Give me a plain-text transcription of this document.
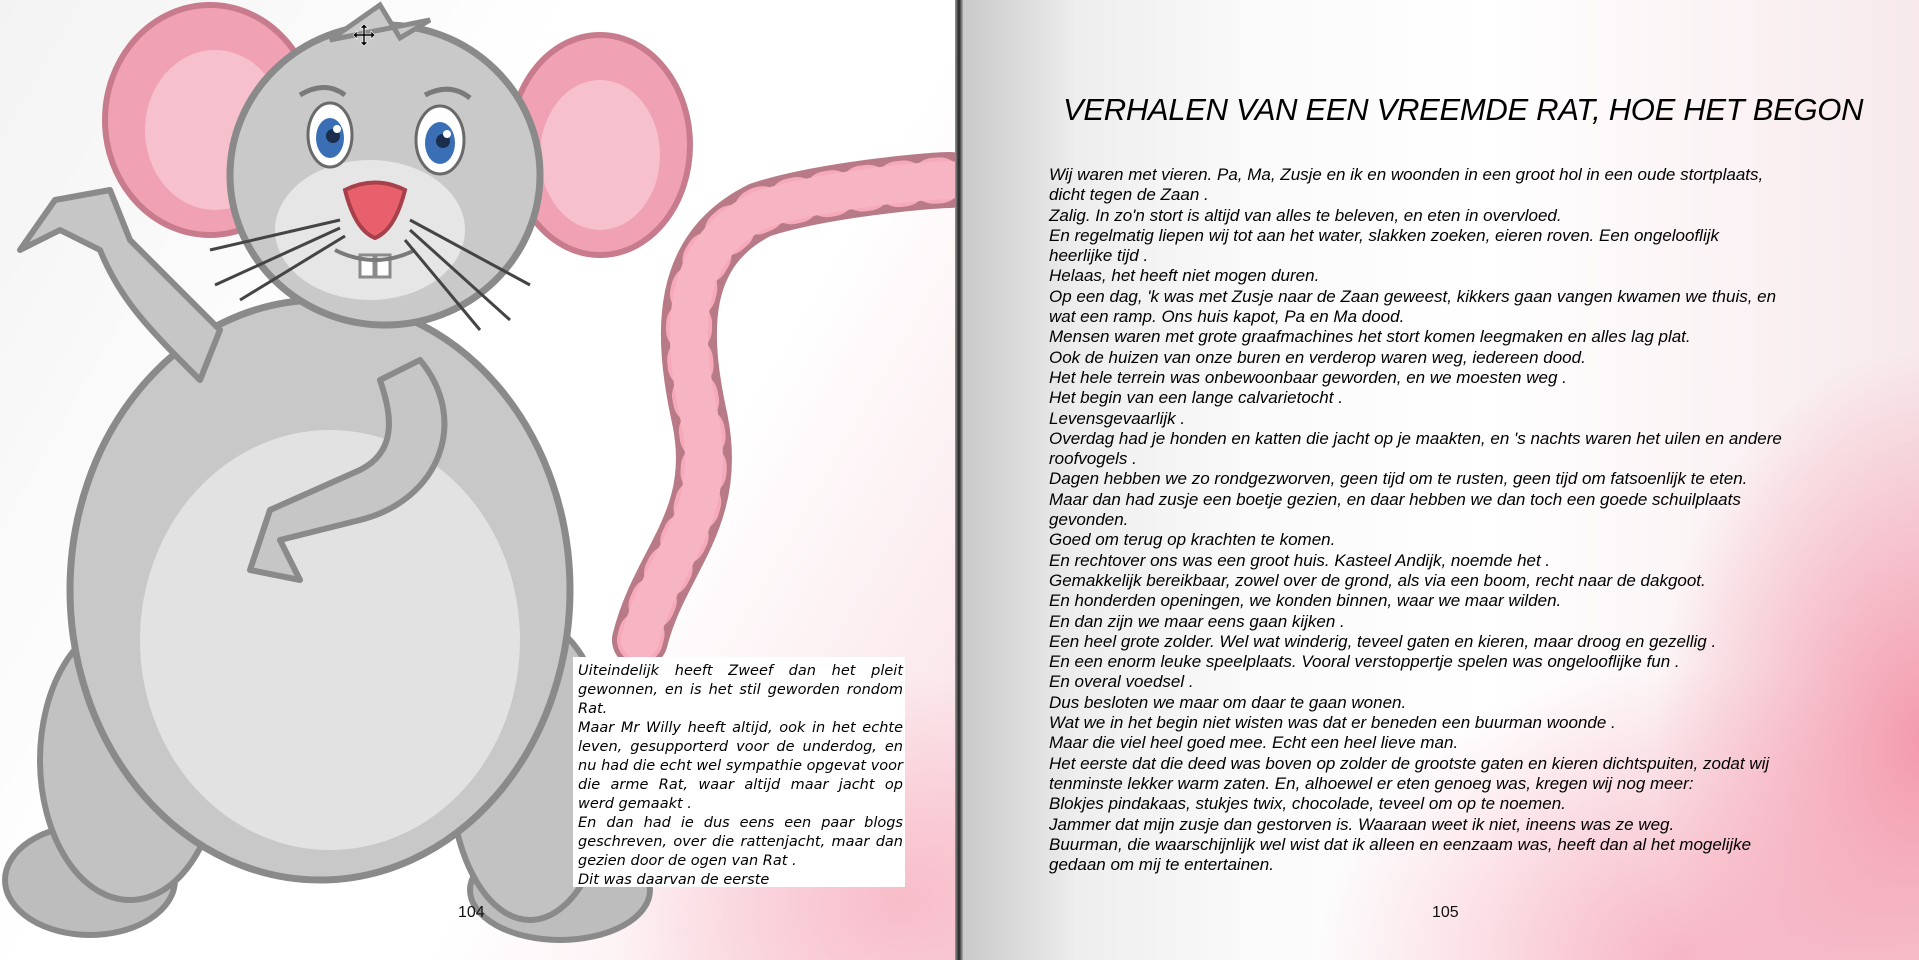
Uiteindelijk heeft Zweef dan het pleit gewonnen, en is het stil geworden rondom Rat.

Maar Mr Willy heeft altijd, ook in het echte leven, gesupporterd voor de underdog, en nu had die echt wel sympathie opgevat voor die arme Rat, waar altijd maar jacht op werd gemaakt .

En dan had ie dus eens een paar blogs geschreven, over die rattenjacht, maar dan gezien door de ogen van Rat .

Dit was daarvan de eerste

104
VERHALEN VAN EEN VREEMDE RAT, HOE HET BEGON
Wij waren met vieren. Pa, Ma, Zusje en ik en woonden in een groot hol in een oude stortplaats,
dicht tegen de Zaan .
Zalig. In zo'n stort is altijd van alles te beleven, en eten in overvloed.
En regelmatig liepen wij tot aan het water, slakken zoeken, eieren roven. Een ongelooflijk
heerlijke tijd .
Helaas, het heeft niet mogen duren.
Op een dag, 'k was met Zusje naar de Zaan geweest, kikkers gaan vangen kwamen we thuis, en
wat een ramp. Ons huis kapot, Pa en Ma dood.
Mensen waren met grote graafmachines het stort komen leegmaken en alles lag plat.
Ook de huizen van onze buren en verderop waren weg, iedereen dood.
Het hele terrein was onbewoonbaar geworden, en we moesten weg .
Het begin van een lange calvarietocht .
Levensgevaarlijk .
Overdag had je honden en katten die jacht op je maakten, en 's nachts waren het uilen en andere
roofvogels .
Dagen hebben we zo rondgezworven, geen tijd om te rusten, geen tijd om fatsoenlijk te eten.
Maar dan had zusje een boetje gezien, en daar hebben we dan toch een goede schuilplaats
gevonden.
Goed om terug op krachten te komen.
En rechtover ons was een groot huis. Kasteel Andijk, noemde het .
Gemakkelijk bereikbaar, zowel over de grond, als via een boom, recht naar de dakgoot.
En honderden openingen, we konden binnen, waar we maar wilden.
En dan zijn we maar eens gaan kijken .
Een heel grote zolder. Wel wat winderig, teveel gaten en kieren, maar droog en gezellig .
En een enorm leuke speelplaats. Vooral verstoppertje spelen was ongelooflijke fun .
En overal voedsel .
Dus besloten we maar om daar te gaan wonen.
Wat we in het begin niet wisten was dat er beneden een buurman woonde .
Maar die viel heel goed mee. Echt een heel lieve man.
Het eerste dat die deed was boven op zolder de grootste gaten en kieren dichtspuiten, zodat wij
tenminste lekker warm zaten. En, alhoewel er eten genoeg was, kregen wij nog meer:
Blokjes pindakaas, stukjes twix, chocolade, teveel om op te noemen.
Jammer dat mijn zusje dan gestorven is. Waaraan weet ik niet, ineens was ze weg.
Buurman, die waarschijnlijk wel wist dat ik alleen en eenzaam was, heeft dan al het mogelijke
gedaan om mij te entertainen.
105
